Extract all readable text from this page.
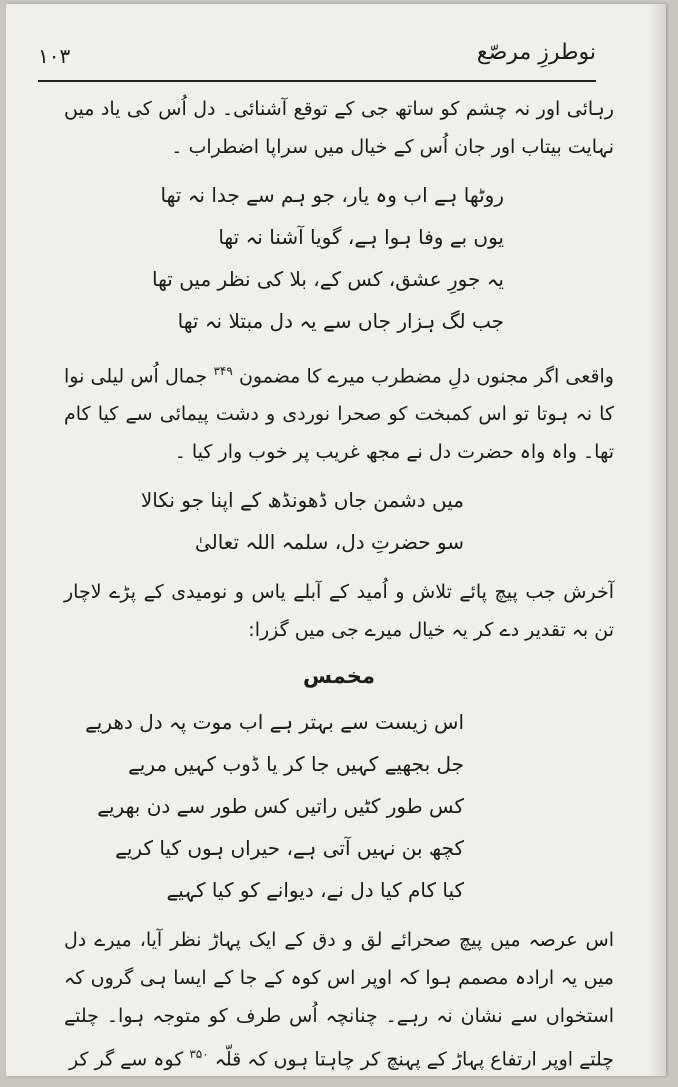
نوطرزِ مرصّع
۱۰۳

رہائی اور نہ چشم کو ساتھ جی کے توقع آشنائی۔ دل اُس کی یاد میں نہایت بیتاب اور جان اُس کے خیال میں سراپا اضطراب ۔

روٹھا ہے اب وہ یار، جو ہم سے جدا نہ تھا
یوں بے وفا ہوا ہے، گویا آشنا نہ تھا
یہ جورِ عشق، کس کے، بلا کی نظر میں تھا
جب لگ ہزار جاں سے یہ دل مبتلا نہ تھا

واقعی اگر مجنوں دلِ مضطرب میرے کا مضمون $^{۳۴۹}$ جمال اُس لیلی نوا کا نہ ہوتا تو اس کمبخت کو صحرا نوردی و دشت پیمائی سے کیا کام تھا۔ واہ واہ حضرت دل نے مجھ غریب پر خوب وار کیا ۔

میں دشمن جاں ڈھونڈھ کے اپنا جو نکالا
سو حضرتِ دل، سلمہ اللہ تعالیٰ

آخرش جب پیچ پائے تلاش و اُمید کے آبلے یاس و نومیدی کے پڑے لاچار تن بہ تقدیر دے کر یہ خیال میرے جی میں گزرا:

مخمس
اس زیست سے بہتر ہے اب موت پہ دل دھریے
جل بجھیے کہیں جا کر یا ڈوب کہیں مریے
کس طور کٹیں راتیں کس طور سے دن بھریے
کچھ بن نہیں آتی ہے، حیراں ہوں کیا کریے
کیا کام کیا دل نے، دیوانے کو کیا کہیے

اس عرصہ میں پیچ صحرائے لق و دق کے ایک پہاڑ نظر آیا، میرے دل میں یہ ارادہ مصمم ہوا کہ اوپر اس کوہ کے جا کے ایسا ہی گروں کہ استخواں سے نشان نہ رہے۔ چنانچہ اُس طرف کو متوجہ ہوا۔ چلتے چلتے اوپر ارتفاع پہاڑ کے پہنچ کر چاہتا ہوں کہ قلّہ $^{۳۵۰}$ کوہ سے گر کر
